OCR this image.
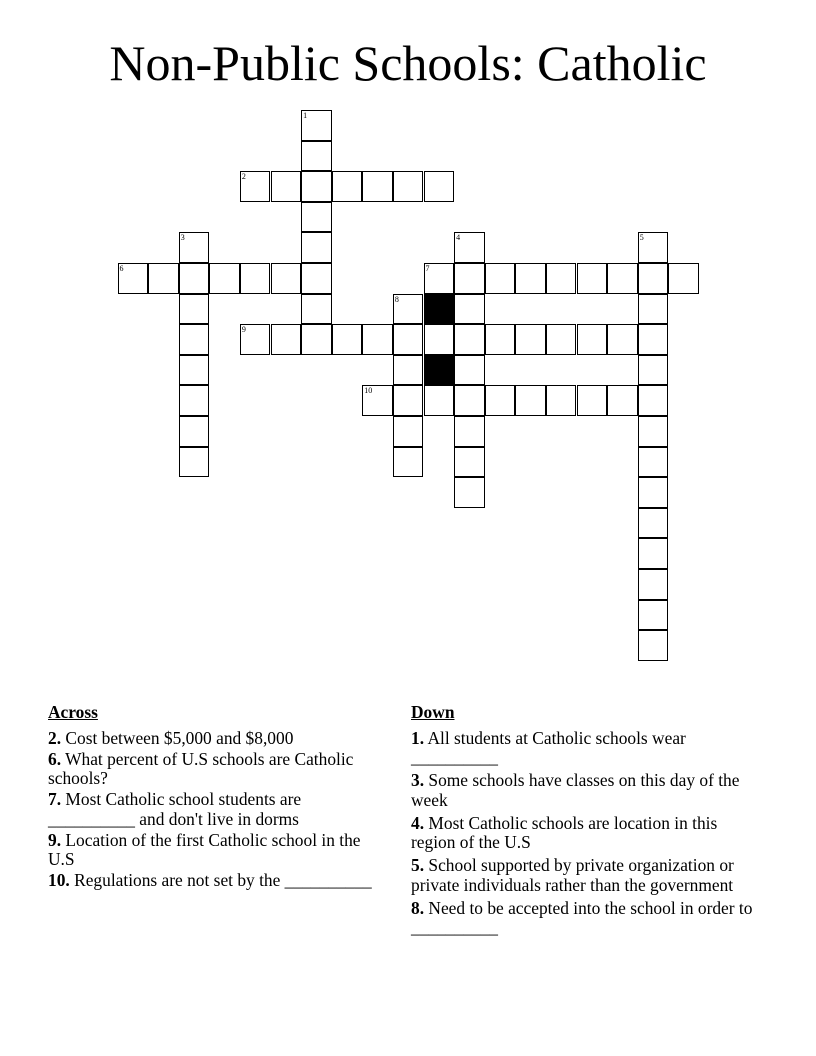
Non-Public Schools: Catholic
1
2
3	4	5
6	7
8
9
10
Across
2. Cost between $5,000 and $8,000
6. What percent of U.S schools are Catholic schools?
7. Most Catholic school students are __________ and don't live in dorms
9. Location of the first Catholic school in the U.S
10. Regulations are not set by the __________
Down
1. All students at Catholic schools wear __________
3. Some schools have classes on this day of the week
4. Most Catholic schools are location in this region of the U.S
5. School supported by private organization or private individuals rather than the government
8. Need to be accepted into the school in order to __________
